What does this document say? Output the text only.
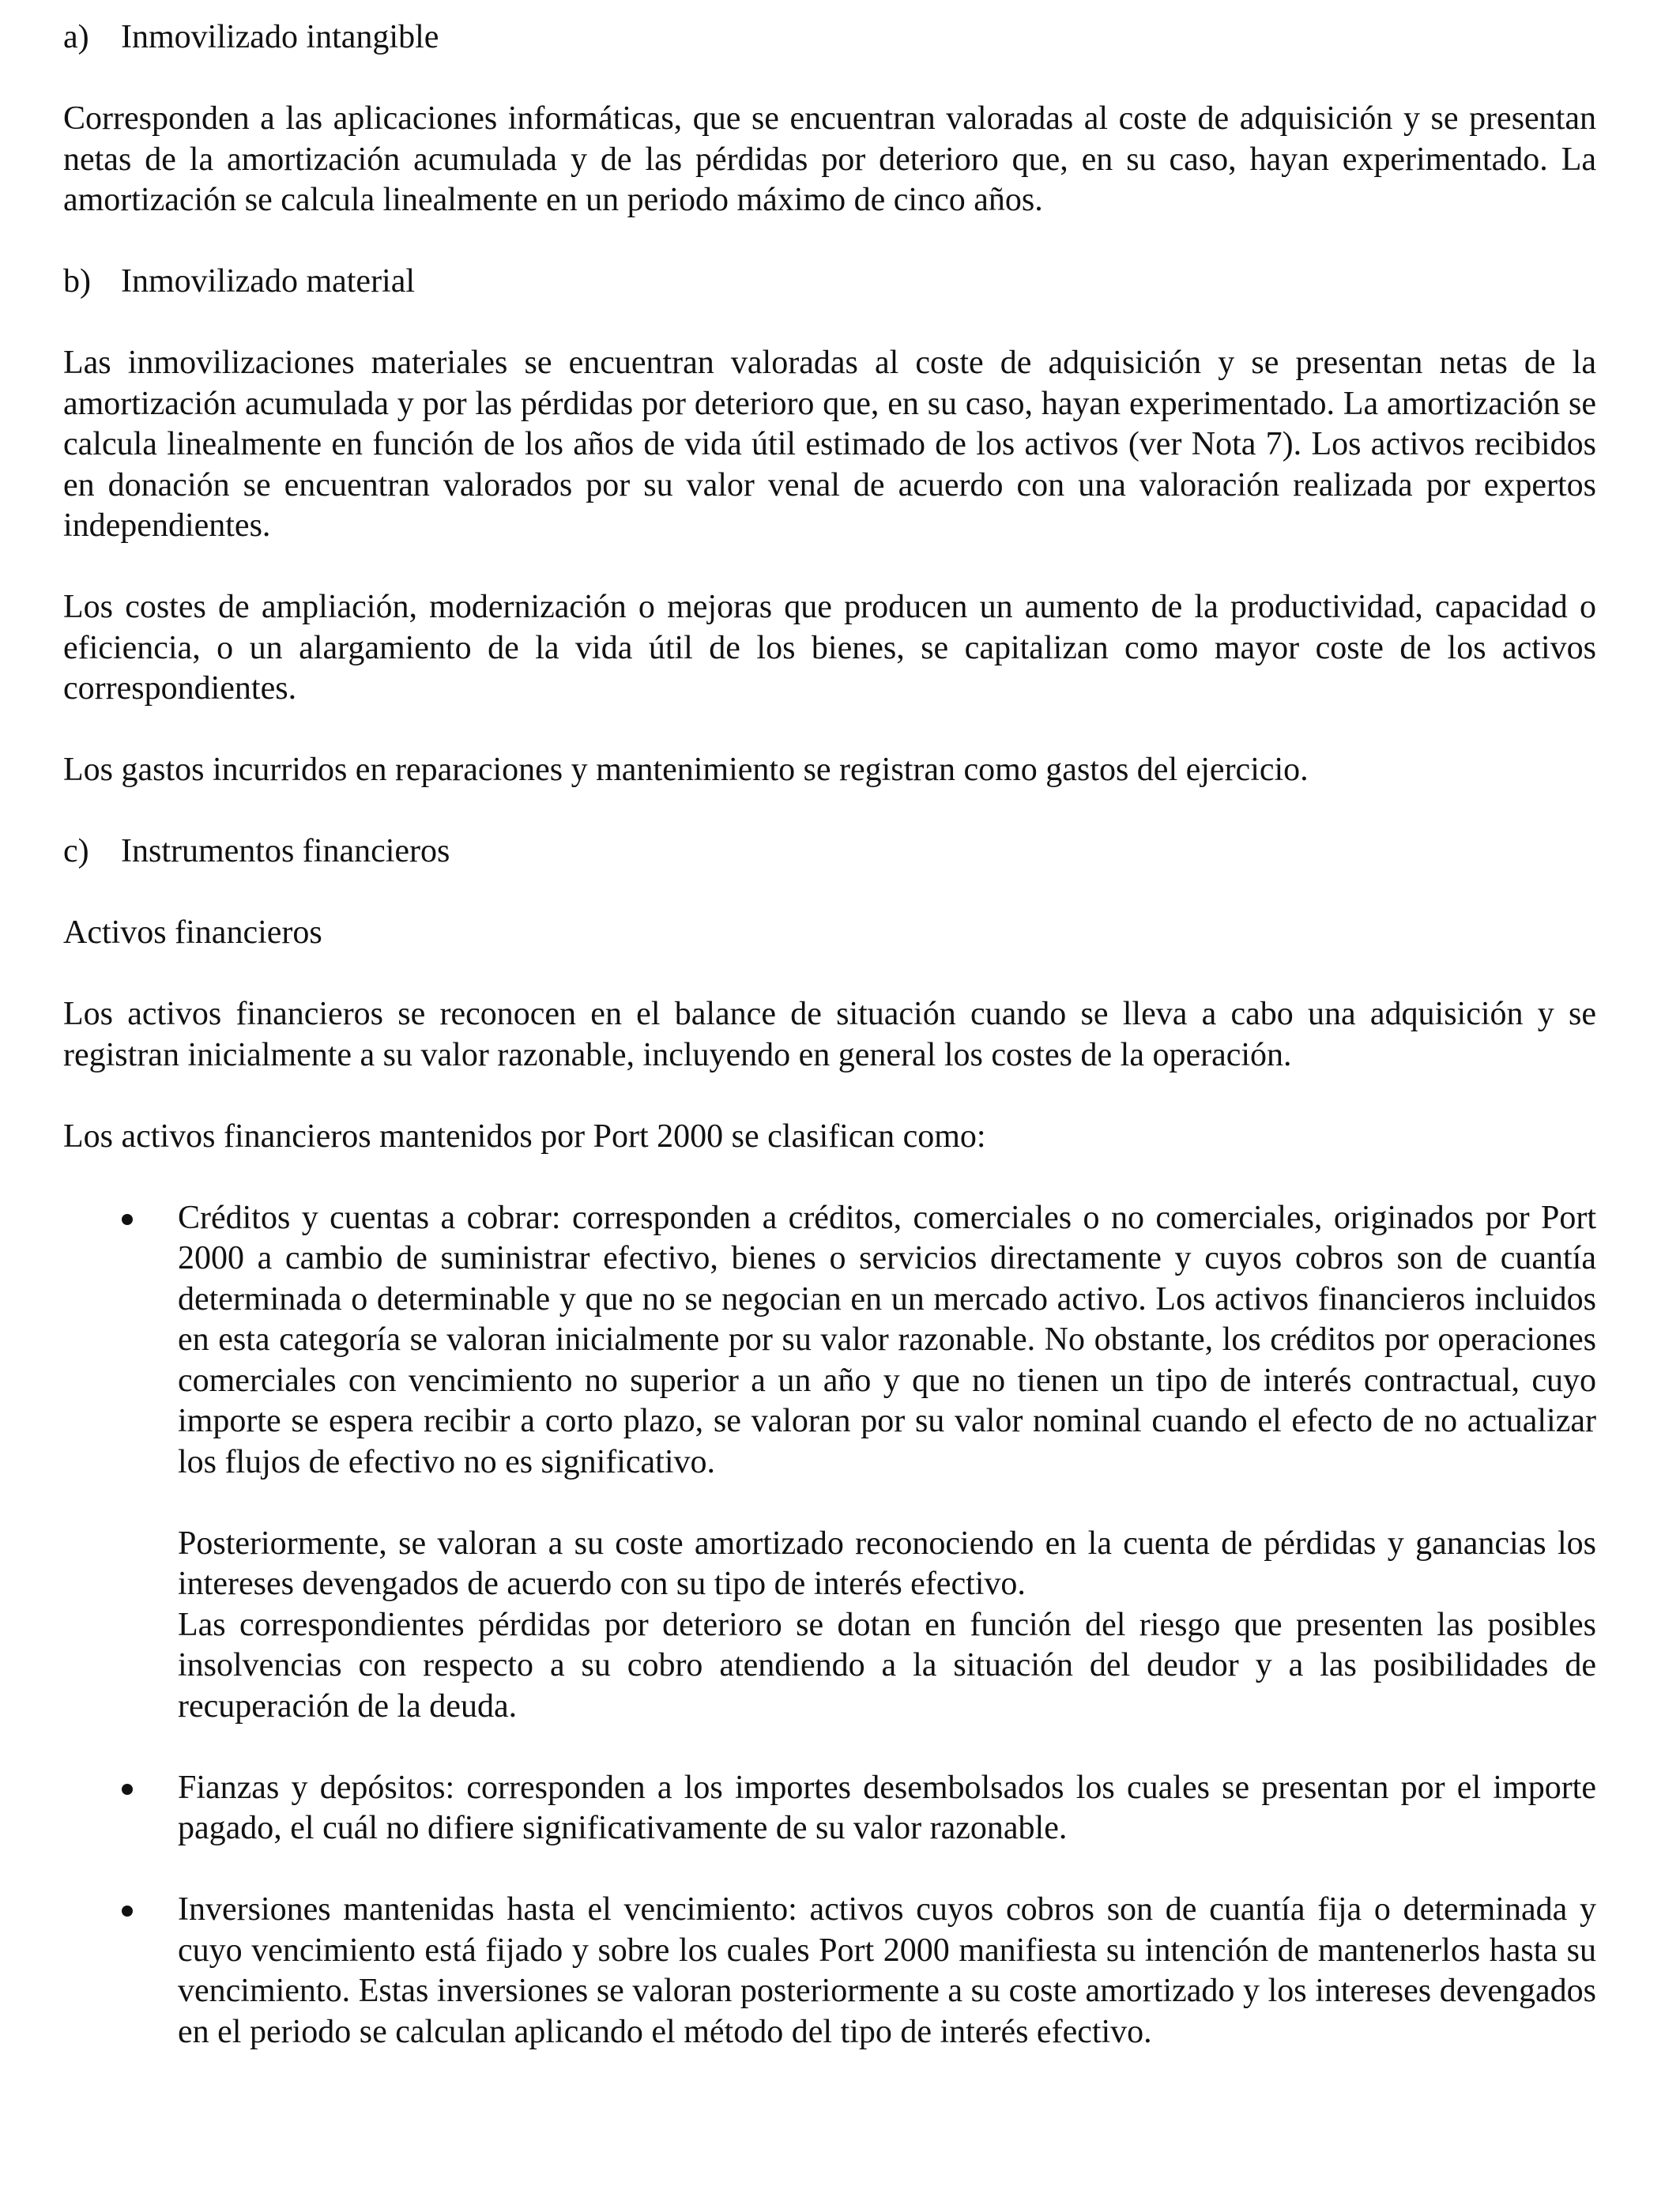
a) Inmovilizado intangible

Corresponden a las aplicaciones informáticas, que se encuentran valoradas al coste de adquisición y se presentan netas de la amortización acumulada y de las pérdidas por deterioro que, en su caso, hayan experimentado. La amortización se calcula linealmente en un periodo máximo de cinco años.

b) Inmovilizado material

Las inmovilizaciones materiales se encuentran valoradas al coste de adquisición y se presentan netas de la amortización acumulada y por las pérdidas por deterioro que, en su caso, hayan experimentado. La amortización se calcula linealmente en función de los años de vida útil estimado de los activos (ver Nota 7). Los activos recibidos en donación se encuentran valorados por su valor venal de acuerdo con una valoración realizada por expertos independientes.

Los costes de ampliación, modernización o mejoras que producen un aumento de la productividad, capacidad o eficiencia, o un alargamiento de la vida útil de los bienes, se capitalizan como mayor coste de los activos correspondientes.

Los gastos incurridos en reparaciones y mantenimiento se registran como gastos del ejercicio.

c) Instrumentos financieros
Activos financieros

Los activos financieros se reconocen en el balance de situación cuando se lleva a cabo una adquisición y se registran inicialmente a su valor razonable, incluyendo en general los costes de la operación.

Los activos financieros mantenidos por Port 2000 se clasifican como:

Créditos y cuentas a cobrar: corresponden a créditos, comerciales o no comerciales, originados por Port 2000 a cambio de suministrar efectivo, bienes o servicios directamente y cuyos cobros son de cuantía determinada o determinable y que no se negocian en un mercado activo. Los activos financieros incluidos en esta categoría se valoran inicialmente por su valor razonable. No obstante, los créditos por operaciones comerciales con vencimiento no superior a un año y que no tienen un tipo de interés contractual, cuyo importe se espera recibir a corto plazo, se valoran por su valor nominal cuando el efecto de no actualizar los flujos de efectivo no es significativo.

Posteriormente, se valoran a su coste amortizado reconociendo en la cuenta de pérdidas y ganancias los intereses devengados de acuerdo con su tipo de interés efectivo.

Las correspondientes pérdidas por deterioro se dotan en función del riesgo que presenten las posibles insolvencias con respecto a su cobro atendiendo a la situación del deudor y a las posibilidades de recuperación de la deuda.

Fianzas y depósitos: corresponden a los importes desembolsados los cuales se presentan por el importe pagado, el cuál no difiere significativamente de su valor razonable.

Inversiones mantenidas hasta el vencimiento: activos cuyos cobros son de cuantía fija o determinada y cuyo vencimiento está fijado y sobre los cuales Port 2000 manifiesta su intención de mantenerlos hasta su vencimiento. Estas inversiones se valoran posteriormente a su coste amortizado y los intereses devengados en el periodo se calculan aplicando el método del tipo de interés efectivo.
